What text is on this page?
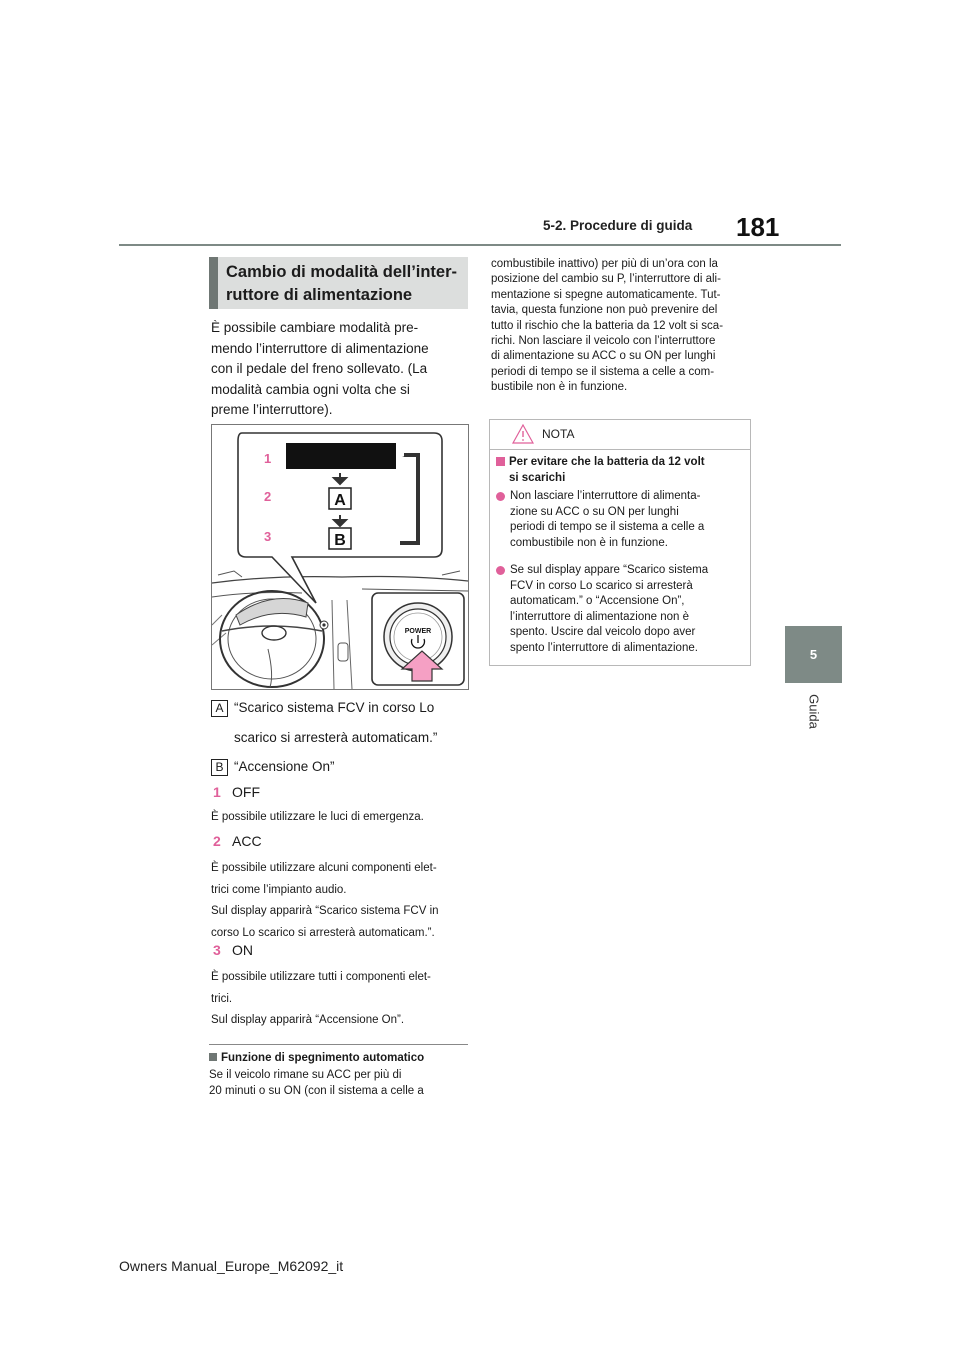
181
5-2. Procedure di guida
5
Guida
Cambio di modalità dell’inter-
ruttore di alimentazione
È possibile cambiare modalità pre-
mendo l’interruttore di alimentazione
con il pedale del freno sollevato. (La
modalità cambia ogni volta che si
preme l’interruttore).
A
B
1
2
3
POWER
A “Scarico sistema FCV in corso Lo
scarico si arresterà automaticam.”
B “Accensione On”
1 OFF
È possibile utilizzare le luci di emergenza.
2 ACC
È possibile utilizzare alcuni componenti elet-
trici come l’impianto audio.
Sul display apparirà “Scarico sistema FCV in
corso Lo scarico si arresterà automaticam.”.
3 ON
È possibile utilizzare tutti i componenti elet-
trici.
Sul display apparirà “Accensione On”.
Funzione di spegnimento automatico
Se il veicolo rimane su ACC per più di
20 minuti o su ON (con il sistema a celle a
combustibile inattivo) per più di un’ora con la
posizione del cambio su P, l’interruttore di ali-
mentazione si spegne automaticamente. Tut-
tavia, questa funzione non può prevenire del
tutto il rischio che la batteria da 12 volt si sca-
richi. Non lasciare il veicolo con l’interruttore
di alimentazione su ACC o su ON per lunghi
periodi di tempo se il sistema a celle a com-
bustibile non è in funzione.
NOTA
Per evitare che la batteria da 12 volt
si scarichi
Non lasciare l’interruttore di alimenta-
zione su ACC o su ON per lunghi
periodi di tempo se il sistema a celle a
combustibile non è in funzione.
Se sul display appare “Scarico sistema
FCV in corso Lo scarico si arresterà
automaticam.” o “Accensione On”,
l’interruttore di alimentazione non è
spento. Uscire dal veicolo dopo aver
spento l’interruttore di alimentazione.
Owners Manual_Europe_M62092_it
